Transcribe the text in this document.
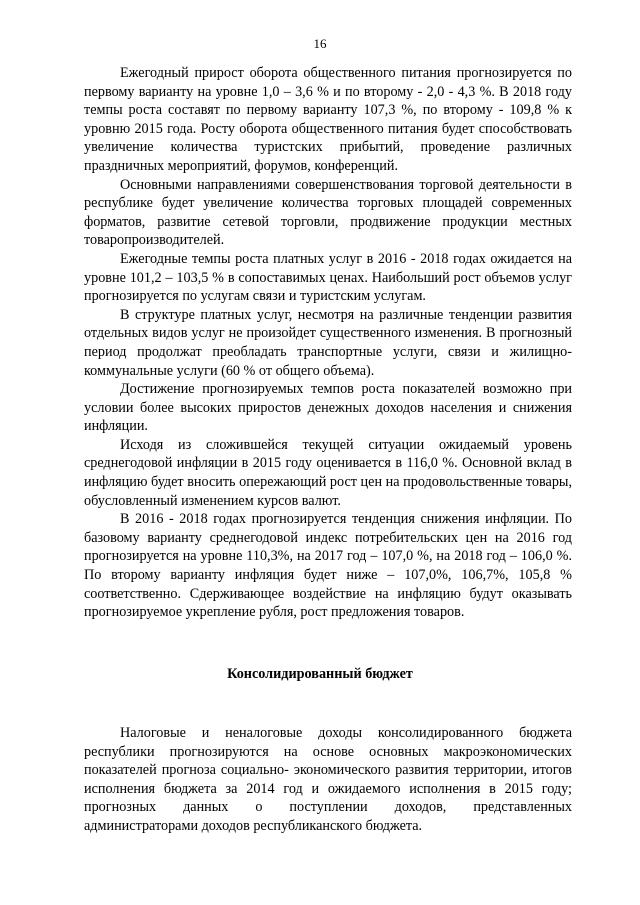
16

Ежегодный прирост оборота общественного питания прогнозируется по первому варианту на уровне 1,0 – 3,6 % и по второму - 2,0 - 4,3 %. В 2018 году темпы роста составят по первому варианту 107,3 %, по второму - 109,8 % к уровню 2015 года. Росту оборота общественного питания будет способствовать увеличение количества туристских прибытий, проведение различных праздничных мероприятий, форумов, конференций.

Основными направлениями совершенствования торговой деятельности в республике будет увеличение количества торговых площадей современных форматов, развитие сетевой торговли, продвижение продукции местных товаропроизводителей.

Ежегодные темпы роста платных услуг в 2016 - 2018 годах ожидается на уровне 101,2 – 103,5 % в сопоставимых ценах. Наибольший рост объемов услуг прогнозируется по услугам связи и туристским услугам.

В структуре платных услуг, несмотря на различные тенденции развития отдельных видов услуг не произойдет существенного изменения. В прогнозный период продолжат преобладать транспортные услуги, связи и жилищно-коммунальные услуги (60 % от общего объема).

Достижение прогнозируемых темпов роста показателей возможно при условии более высоких приростов денежных доходов населения и снижения инфляции.

Исходя из сложившейся текущей ситуации ожидаемый уровень среднегодовой инфляции в 2015 году оценивается в 116,0 %. Основной вклад в инфляцию будет вносить опережающий рост цен на продовольственные товары, обусловленный изменением курсов валют.

В 2016 - 2018 годах прогнозируется тенденция снижения инфляции. По базовому варианту среднегодовой индекс потребительских цен на 2016 год прогнозируется на уровне 110,3%, на 2017 год – 107,0 %, на 2018 год – 106,0 %. По второму варианту инфляция будет ниже – 107,0%, 106,7%, 105,8 % соответственно. Сдерживающее воздействие на инфляцию будут оказывать прогнозируемое укрепление рубля, рост предложения товаров.

Консолидированный бюджет

Налоговые и неналоговые доходы консолидированного бюджета республики прогнозируются на основе основных макроэкономических показателей прогноза социально- экономического развития территории, итогов исполнения бюджета за 2014 год и ожидаемого исполнения в 2015 году; прогнозных данных о поступлении доходов, представленных администраторами доходов республиканского бюджета.
